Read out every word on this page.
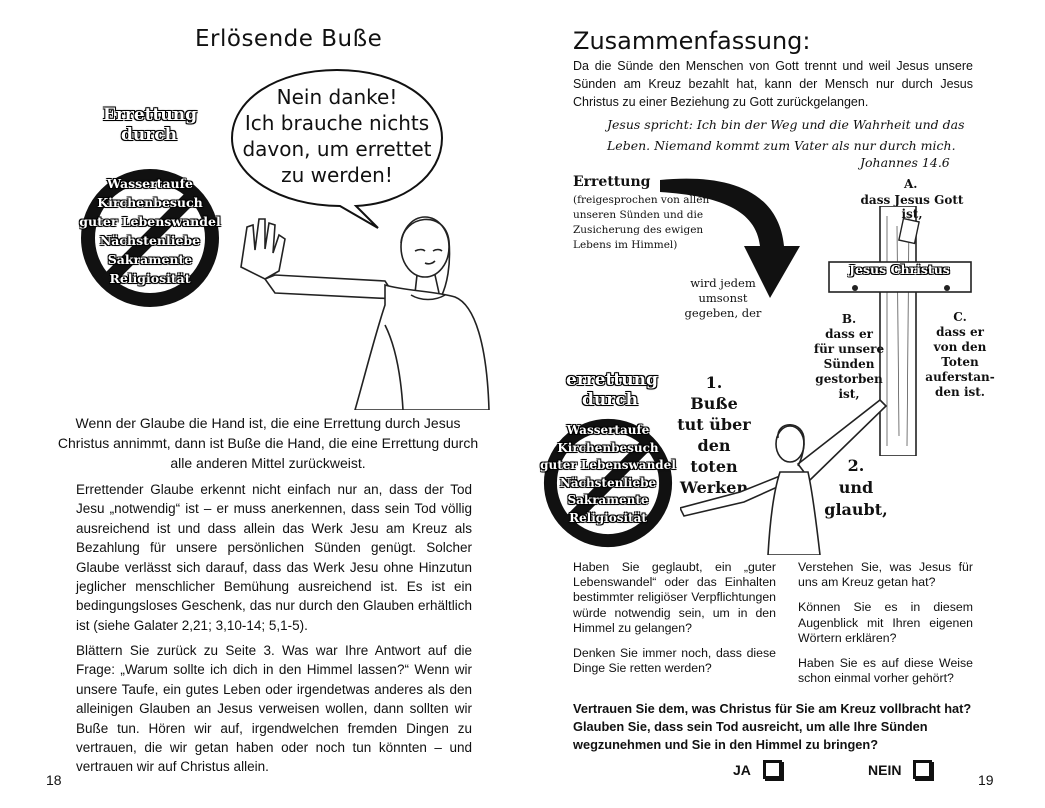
Erlösende Buße
Nein danke!
Ich brauche nichts
davon, um errettet
zu werden!
Errettung
durch
Wassertaufe
Kirchenbesuch
guter Lebenswandel
Nächstenliebe
Sakramente
Religiosität
Wenn der Glaube die Hand ist, die eine Errettung durch Jesus Christus annimmt, dann ist Buße die Hand, die eine Errettung durch alle anderen Mittel zurückweist.
Errettender Glaube erkennt nicht einfach nur an, dass der Tod Jesu „notwendig“ ist – er muss anerkennen, dass sein Tod völlig ausreichend ist und dass allein das Werk Jesu am Kreuz als Bezahlung für unsere persönlichen Sünden genügt. Solcher Glaube verlässt sich darauf, dass das Werk Jesu ohne Hinzutun jeglicher menschlicher Bemühung ausreichend ist. Es ist ein bedingungsloses Geschenk, das nur durch den Glauben erhältlich ist (siehe Galater 2,21; 3,10-14; 5,1-5).
Blättern Sie zurück zu Seite 3. Was war Ihre Antwort auf die Frage: „Warum sollte ich dich in den Himmel lassen?“ Wenn wir unsere Taufe, ein gutes Leben oder irgendetwas anderes als den alleinigen Glauben an Jesus verweisen wollen, dann sollten wir Buße tun. Hören wir auf, irgendwelchen fremden Dingen zu vertrauen, die wir getan haben oder noch tun könnten – und vertrauen wir auf Christus allein.
18
Zusammenfassung:
Da die Sünde den Menschen von Gott trennt und weil Jesus unsere Sünden am Kreuz bezahlt hat, kann der Mensch nur durch Jesus Christus zu einer Beziehung zu Gott zurückgelangen.
Jesus spricht: Ich bin der Weg und die Wahrheit und das Leben. Niemand kommt zum Vater als nur durch mich.
Johannes 14.6
Errettung
(freigesprochen von allen unseren Sünden und die Zusicherung des ewigen Lebens im Himmel)
wird jedem umsonst gegeben, der
Jesus Christus
A.
dass Jesus Gott ist,
B.
dass er
für unsere
Sünden
gestorben
ist,
C.
dass er
von den
Toten
auferstan-
den ist.
errettung
durch
Wassertaufe
Kirchenbesuch
guter Lebenswandel
Nächstenliebe
Sakramente
Religiosität
1.
Buße
tut über
den toten
Werken
2.
und
glaubt,

Haben Sie geglaubt, ein „guter Lebenswandel“ oder das Einhalten bestimmter religiöser Verpflichtungen würde notwendig sein, um in den Himmel zu gelangen?

Denken Sie immer noch, dass diese Dinge Sie retten werden?

Verstehen Sie, was Jesus für uns am Kreuz getan hat?

Können Sie es in diesem Augenblick mit Ihren eigenen Wörtern erklären?

Haben Sie es auf diese Weise schon einmal vorher gehört?

Vertrauen Sie dem, was Christus für Sie am Kreuz vollbracht hat? Glauben Sie, dass sein Tod ausreicht, um alle Ihre Sünden wegzunehmen und Sie in den Himmel zu bringen?
JA	NEIN
19
